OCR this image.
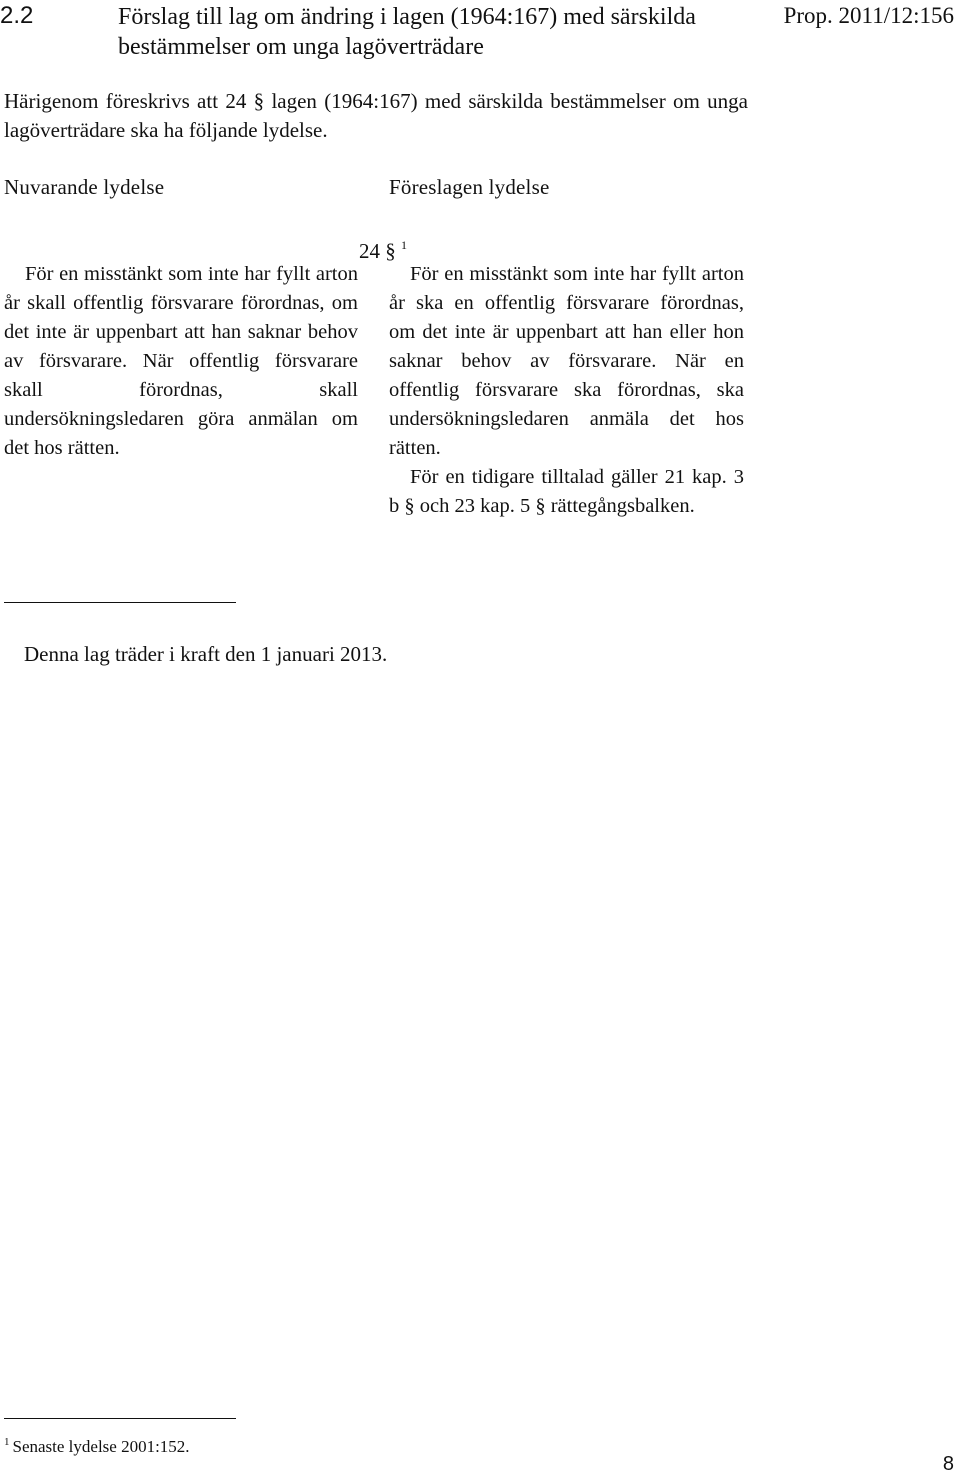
2.2	Förslag till lag om ändring i lagen (1964:167) med särskilda bestämmelser om unga lagöverträdare
Prop. 2011/12:156
Härigenom föreskrivs att 24 § lagen (1964:167) med särskilda bestämmelser om unga lagöverträdare ska ha följande lydelse.
Nuvarande lydelse	Föreslagen lydelse
24 § $^1$

För en misstänkt som inte har fyllt arton år skall offentlig försvarare förordnas, om det inte är uppenbart att han saknar behov av försvarare. När offentlig försvarare skall förordnas, skall undersökningsledaren göra anmälan om det hos rätten.

För en misstänkt som inte har fyllt arton år ska en offentlig försvarare förordnas, om det inte är uppenbart att han eller hon saknar behov av försvarare. När en offentlig försvarare ska förordnas, ska undersökningsledaren anmäla det hos rätten.

För en tidigare tilltalad gäller 21 kap. 3 b § och 23 kap. 5 § rättegångsbalken.

Denna lag träder i kraft den 1 januari 2013.
$^1$ Senaste lydelse 2001:152.
8
